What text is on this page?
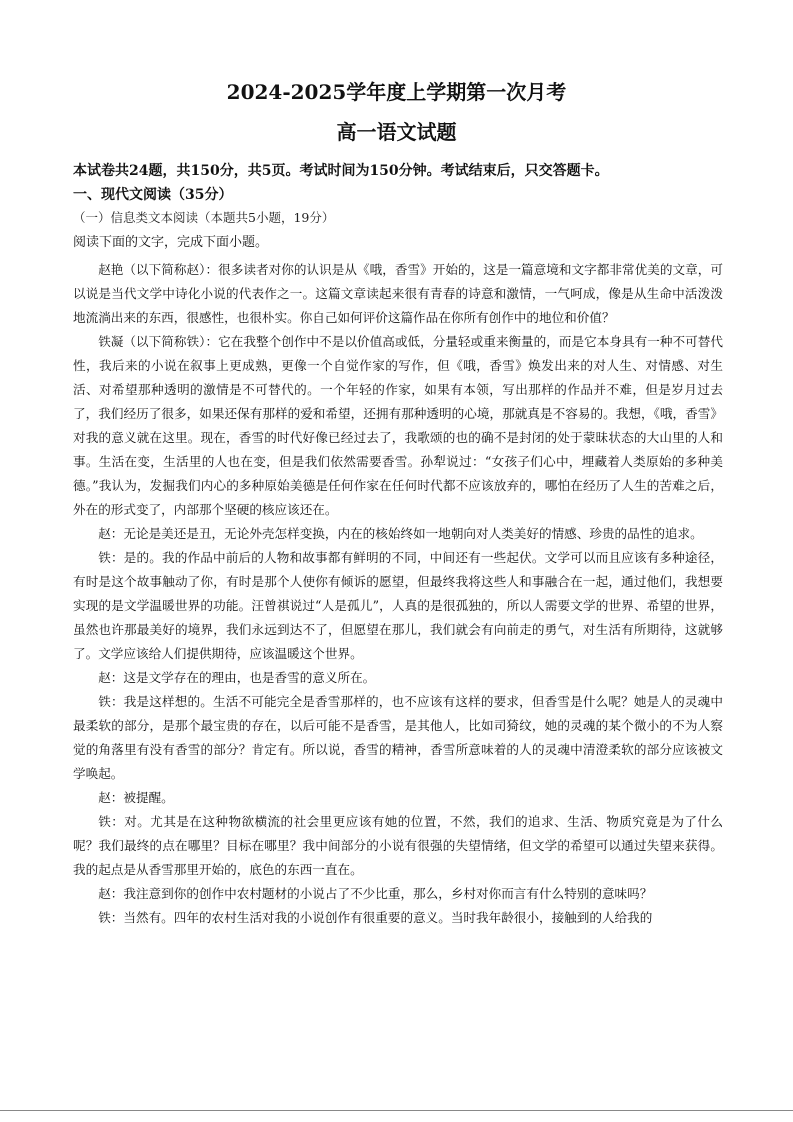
2024-2025学年度上学期第一次月考
高一语文试题
本试卷共24题，共150分，共5页。考试时间为150分钟。考试结束后，只交答题卡。
一、现代文阅读（35分）
（一）信息类文本阅读（本题共5小题，19分）
阅读下面的文字，完成下面小题。

赵艳（以下简称赵）：很多读者对你的认识是从《哦，香雪》开始的，这是一篇意境和文字都非常优美的文章，可以说是当代文学中诗化小说的代表作之一。这篇文章读起来很有青春的诗意和激情，一气呵成，像是从生命中活泼泼地流淌出来的东西，很感性，也很朴实。你自己如何评价这篇作品在你所有创作中的地位和价值？

铁凝（以下简称铁）：它在我整个创作中不是以价值高或低，分量轻或重来衡量的，而是它本身具有一种不可替代性，我后来的小说在叙事上更成熟，更像一个自觉作家的写作，但《哦，香雪》焕发出来的对人生、对情感、对生活、对希望那种透明的激情是不可替代的。一个年轻的作家，如果有本领，写出那样的作品并不难，但是岁月过去了，我们经历了很多，如果还保有那样的爱和希望，还拥有那种透明的心境，那就真是不容易的。我想，《哦，香雪》对我的意义就在这里。现在，香雪的时代好像已经过去了，我歌颂的也的确不是封闭的处于蒙昧状态的大山里的人和事。生活在变，生活里的人也在变，但是我们依然需要香雪。孙犁说过：“女孩子们心中，埋藏着人类原始的多种美德。”我认为，发掘我们内心的多种原始美德是任何作家在任何时代都不应该放弃的，哪怕在经历了人生的苦难之后，外在的形式变了，内部那个坚硬的核应该还在。

赵：无论是美还是丑，无论外壳怎样变换，内在的核始终如一地朝向对人类美好的情感、珍贵的品性的追求。

铁：是的。我的作品中前后的人物和故事都有鲜明的不同，中间还有一些起伏。文学可以而且应该有多种途径，有时是这个故事触动了你，有时是那个人使你有倾诉的愿望，但最终我将这些人和事融合在一起，通过他们，我想要实现的是文学温暖世界的功能。汪曾祺说过“人是孤儿”，人真的是很孤独的，所以人需要文学的世界、希望的世界，虽然也许那最美好的境界，我们永远到达不了，但愿望在那儿，我们就会有向前走的勇气，对生活有所期待，这就够了。文学应该给人们提供期待，应该温暖这个世界。

赵：这是文学存在的理由，也是香雪的意义所在。

铁：我是这样想的。生活不可能完全是香雪那样的，也不应该有这样的要求，但香雪是什么呢？她是人的灵魂中最柔软的部分，是那个最宝贵的存在，以后可能不是香雪，是其他人，比如司猗纹，她的灵魂的某个微小的不为人察觉的角落里有没有香雪的部分？肯定有。所以说，香雪的精神，香雪所意味着的人的灵魂中清澄柔软的部分应该被文学唤起。

赵：被提醒。

铁：对。尤其是在这种物欲横流的社会里更应该有她的位置，不然，我们的追求、生活、物质究竟是为了什么呢？我们最终的点在哪里？目标在哪里？我中间部分的小说有很强的失望情绪，但文学的希望可以通过失望来获得。我的起点是从香雪那里开始的，底色的东西一直在。

赵：我注意到你的创作中农村题材的小说占了不少比重，那么，乡村对你而言有什么特别的意味吗？

铁：当然有。四年的农村生活对我的小说创作有很重要的意义。当时我年龄很小，接触到的人给我的
